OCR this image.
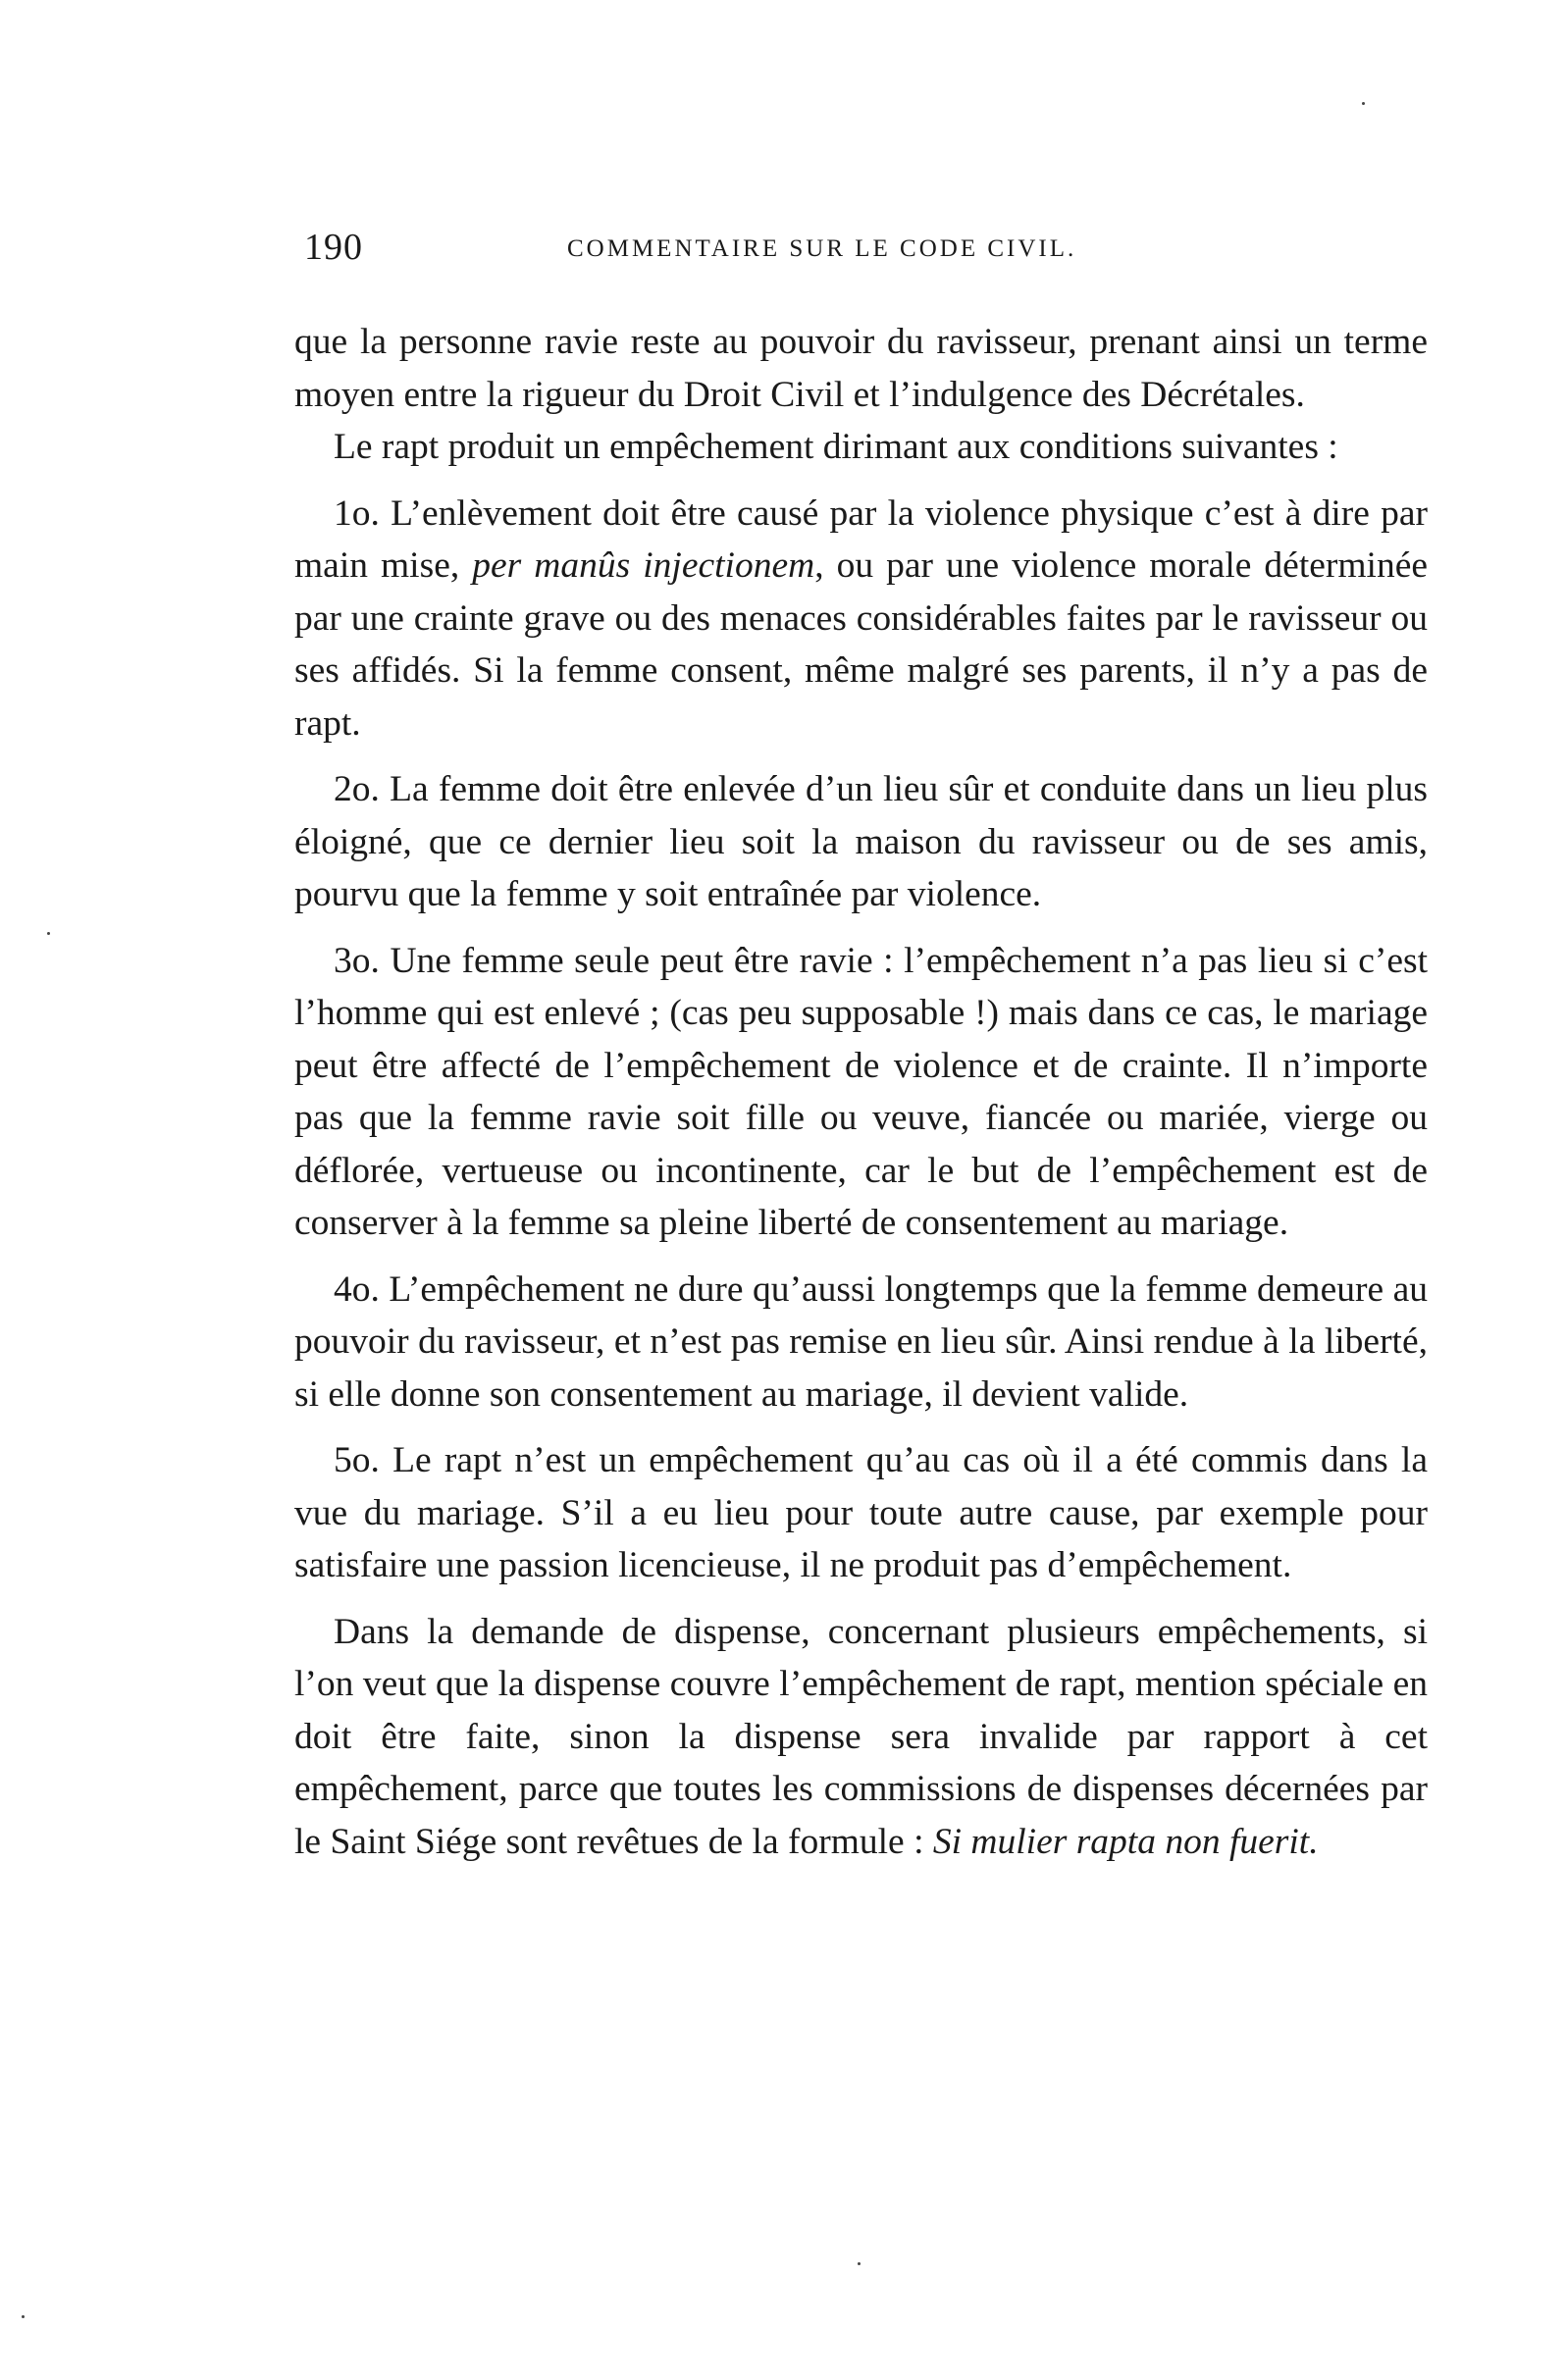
190	COMMENTAIRE SUR LE CODE CIVIL.

que la personne ravie reste au pouvoir du ravisseur, prenant ainsi un terme moyen entre la rigueur du Droit Civil et l’indulgence des Décrétales.

Le rapt produit un empêchement dirimant aux conditions suivantes :

1o. L’enlèvement doit être causé par la violence physique c’est à dire par main mise, per manûs injectionem, ou par une violence morale déterminée par une crainte grave ou des menaces considérables faites par le ravisseur ou ses affidés. Si la femme consent, même malgré ses parents, il n’y a pas de rapt.

2o. La femme doit être enlevée d’un lieu sûr et conduite dans un lieu plus éloigné, que ce dernier lieu soit la maison du ravisseur ou de ses amis, pourvu que la femme y soit entraînée par violence.

3o. Une femme seule peut être ravie : l’empêchement n’a pas lieu si c’est l’homme qui est enlevé ; (cas peu supposable !) mais dans ce cas, le mariage peut être affecté de l’empêchement de violence et de crainte. Il n’importe pas que la femme ravie soit fille ou veuve, fiancée ou mariée, vierge ou déflorée, vertueuse ou incontinente, car le but de l’empêchement est de conserver à la femme sa pleine liberté de consentement au mariage.

4o. L’empêchement ne dure qu’aussi longtemps que la femme demeure au pouvoir du ravisseur, et n’est pas remise en lieu sûr. Ainsi rendue à la liberté, si elle donne son consentement au mariage, il devient valide.

5o. Le rapt n’est un empêchement qu’au cas où il a été commis dans la vue du mariage. S’il a eu lieu pour toute autre cause, par exemple pour satisfaire une passion licencieuse, il ne produit pas d’empêchement.

Dans la demande de dispense, concernant plusieurs empêchements, si l’on veut que la dispense couvre l’empêchement de rapt, mention spéciale en doit être faite, sinon la dispense sera invalide par rapport à cet empêchement, parce que toutes les commissions de dispenses décernées par le Saint Siége sont revêtues de la formule : Si mulier rapta non fuerit.
